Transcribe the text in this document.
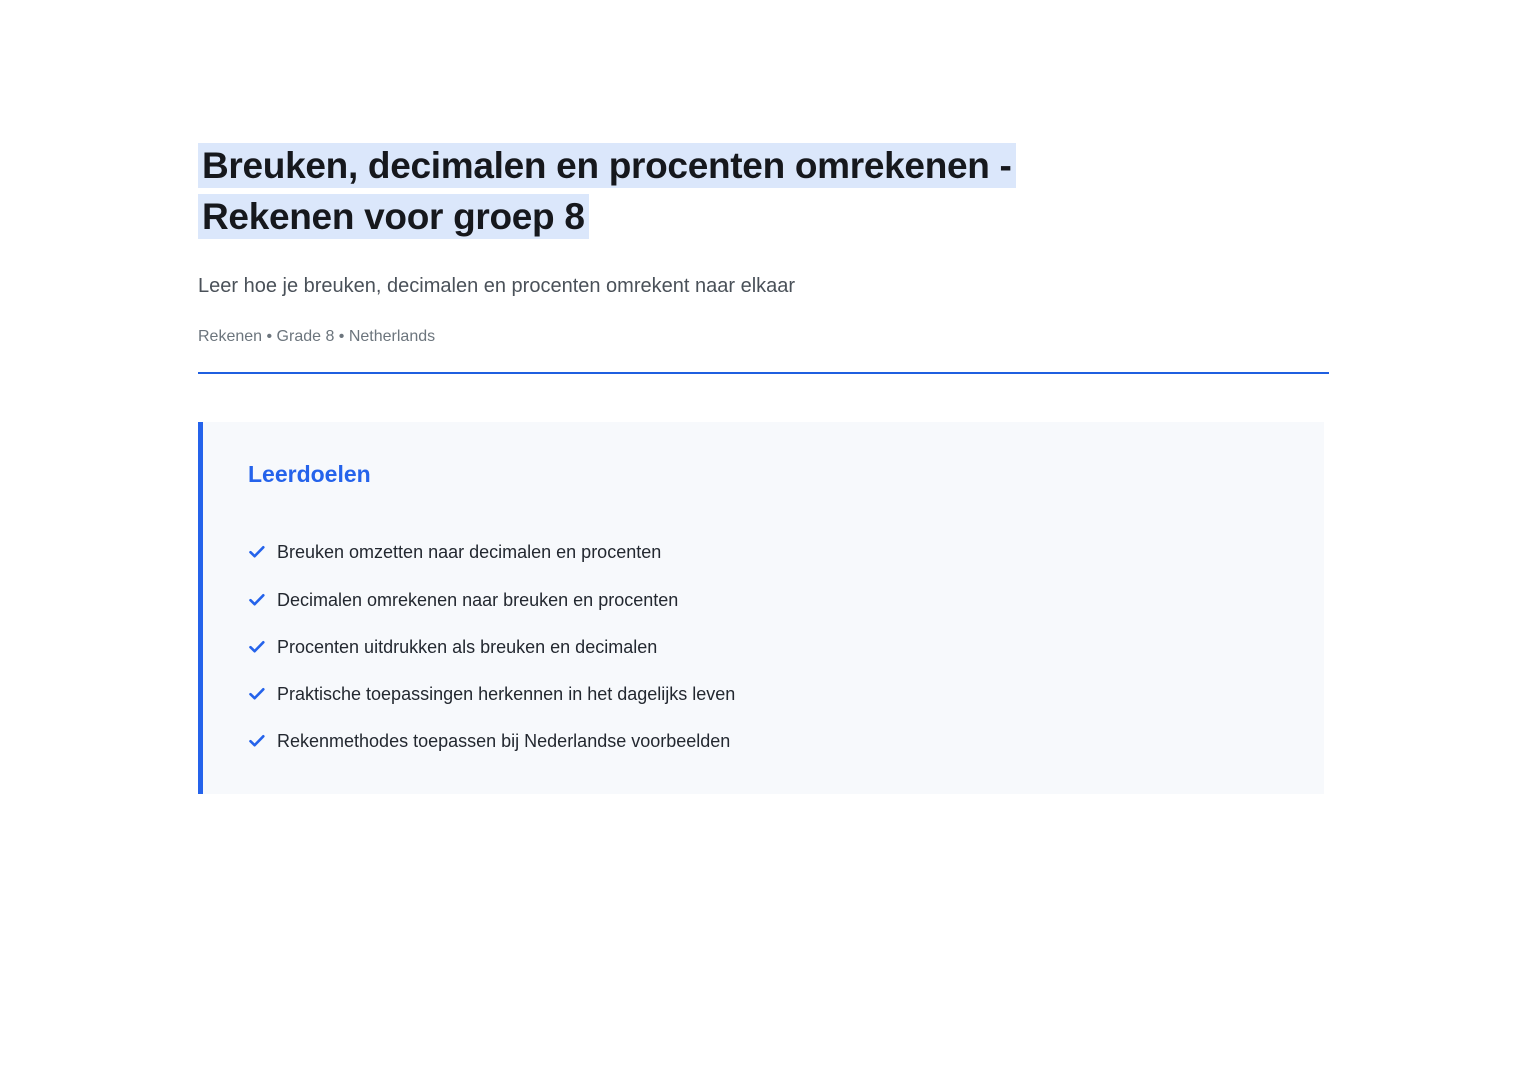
Breuken, decimalen en procenten omrekenen -
Rekenen voor groep 8

Leer hoe je breuken, decimalen en procenten omrekent naar elkaar

Rekenen • Grade 8 • Netherlands

Leerdoelen
Breuken omzetten naar decimalen en procenten
Decimalen omrekenen naar breuken en procenten
Procenten uitdrukken als breuken en decimalen
Praktische toepassingen herkennen in het dagelijks leven
Rekenmethodes toepassen bij Nederlandse voorbeelden
